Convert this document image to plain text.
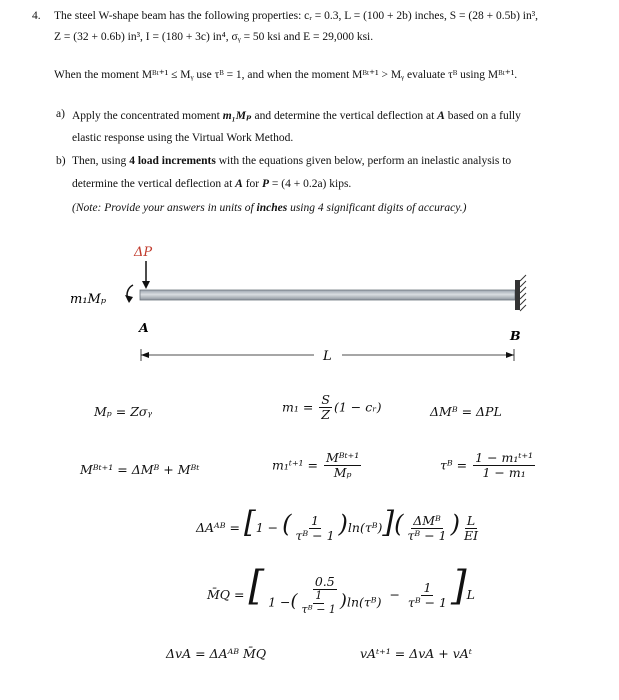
4. The steel W-shape beam has the following properties: cᵣ = 0.3, L = (100 + 2b) inches, S = (28 + 0.5b) in³,
Z = (32 + 0.6b) in³, I = (180 + 3c) in⁴, σᵧ = 50 ksi and E = 29,000 ksi.
When the moment Mᴮᵗ⁺¹ ≤ Mᵧ use τᴮ = 1, and when the moment Mᴮᵗ⁺¹ > Mᵧ evaluate τᴮ using Mᴮᵗ⁺¹.
a) Apply the concentrated moment m₁Mₚ and determine the vertical deflection at A based on a fully
elastic response using the Virtual Work Method.
b) Then, using 4 load increments with the equations given below, perform an inelastic analysis to
determine the vertical deflection at A for P = (4 + 0.2a) kips.
(Note: Provide your answers in units of inches using 4 significant digits of accuracy.)
ΔP
m₁Mₚ
A
B
L
Mₚ = Zσᵧ	$m_1 = \frac{S}{Z} (1$ − cᵣ)	ΔMᴮ = ΔPL
Mᴮᵗ⁺¹ = ΔMᴮ + Mᴮᵗ	m₁ᵗ⁺¹ = $\frac{\text{Mᴮᵗ⁺¹}}{\text{Mₚ}}$	τᴮ = $\frac{\text{1 − m₁ᵗ⁺¹}}{\text{1 − m₁}}$
ΔAᴬᴮ = [1 − ( $\frac{1}{\text{τᴮ − 1}}$ )ln(τᴮ)]( $\frac{\text{ΔMᴮ}}{\text{τᴮ − 1}}$ ) $\frac{L}{EI}$
M̄Q = [ $\frac{0.5}{1 -( \frac{1}{\text{τᴮ − 1}} )\ln(\tau ᴮ)} - \frac{1}{\text{τᴮ − 1}} ]L$
ΔvA = ΔAᴬᴮ M̄Q	vAᵗ⁺¹ = ΔvA + vAᵗ
